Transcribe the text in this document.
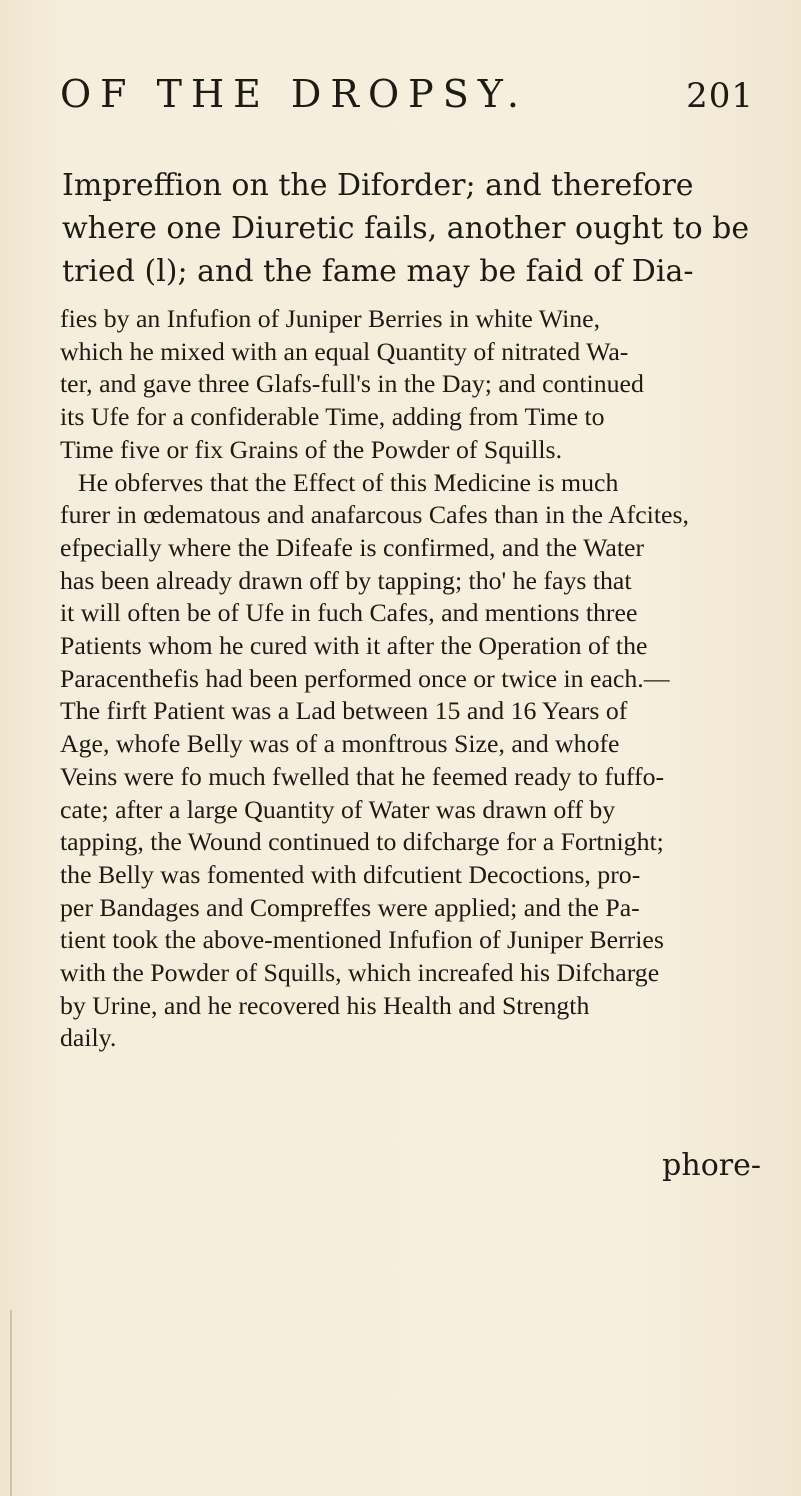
OF THE DROPSY.	201
Impreffion on the Diforder; and therefore
where one Diuretic fails, another ought to be
tried (l); and the fame may be faid of Dia-
fies by an Infufion of Juniper Berries in white Wine,
which he mixed with an equal Quantity of nitrated Wa-
ter, and gave three Glafs-full's in the Day; and continued
its Ufe for a confiderable Time, adding from Time to
Time five or fix Grains of the Powder of Squills.
He obferves that the Effect of this Medicine is much
furer in œdematous and anafarcous Cafes than in the Afcites,
efpecially where the Difeafe is confirmed, and the Water
has been already drawn off by tapping; tho' he fays that
it will often be of Ufe in fuch Cafes, and mentions three
Patients whom he cured with it after the Operation of the
Paracenthefis had been performed once or twice in each.—
The firft Patient was a Lad between 15 and 16 Years of
Age, whofe Belly was of a monftrous Size, and whofe
Veins were fo much fwelled that he feemed ready to fuffo-
cate; after a large Quantity of Water was drawn off by
tapping, the Wound continued to difcharge for a Fortnight;
the Belly was fomented with difcutient Decoctions, pro-
per Bandages and Compreffes were applied; and the Pa-
tient took the above-mentioned Infufion of Juniper Berries
with the Powder of Squills, which increafed his Difcharge
by Urine, and he recovered his Health and Strength
daily.
phore-
